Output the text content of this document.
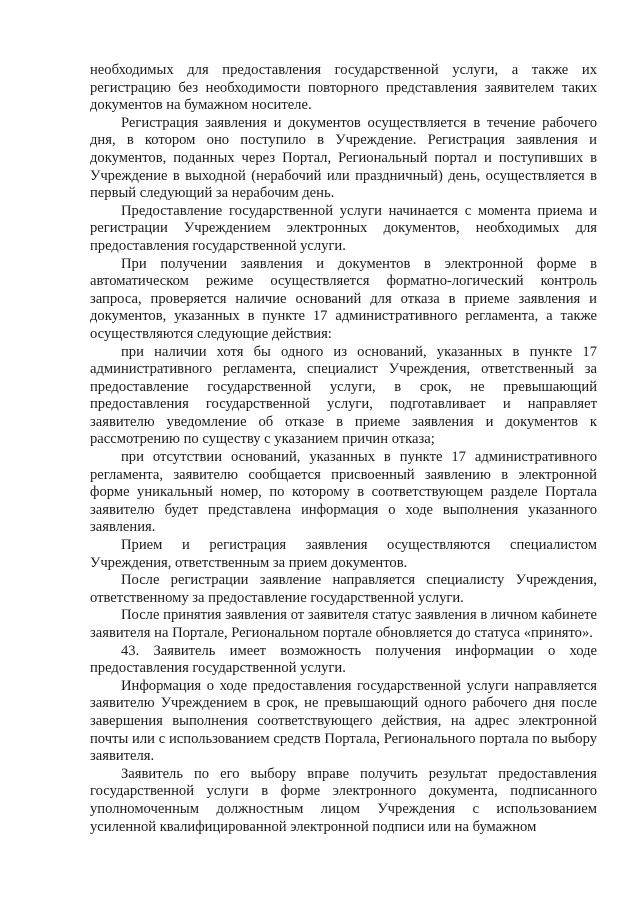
необходимых для предоставления государственной услуги, а также их регистрацию без необходимости повторного представления заявителем таких документов на бумажном носителе.

Регистрация заявления и документов осуществляется в течение рабочего дня, в котором оно поступило в Учреждение. Регистрация заявления и документов, поданных через Портал, Региональный портал и поступивших в Учреждение в выходной (нерабочий или праздничный) день, осуществляется в первый следующий за нерабочим день.

Предоставление государственной услуги начинается с момента приема и регистрации Учреждением электронных документов, необходимых для предоставления государственной услуги.

При получении заявления и документов в электронной форме в автоматическом режиме осуществляется форматно-логический контроль запроса, проверяется наличие оснований для отказа в приеме заявления и документов, указанных в пункте 17 административного регламента, а также осуществляются следующие действия:

при наличии хотя бы одного из оснований, указанных в пункте 17 административного регламента, специалист Учреждения, ответственный за предоставление государственной услуги, в срок, не превышающий предоставления государственной услуги, подготавливает и направляет заявителю уведомление об отказе в приеме заявления и документов к рассмотрению по существу с указанием причин отказа;

при отсутствии оснований, указанных в пункте 17 административного регламента, заявителю сообщается присвоенный заявлению в электронной форме уникальный номер, по которому в соответствующем разделе Портала заявителю будет представлена информация о ходе выполнения указанного заявления.

Прием и регистрация заявления осуществляются специалистом Учреждения, ответственным за прием документов.

После регистрации заявление направляется специалисту Учреждения, ответственному за предоставление государственной услуги.

После принятия заявления от заявителя статус заявления в личном кабинете заявителя на Портале, Региональном портале обновляется до статуса «принято».

43. Заявитель имеет возможность получения информации о ходе предоставления государственной услуги.

Информация о ходе предоставления государственной услуги направляется заявителю Учреждением в срок, не превышающий одного рабочего дня после завершения выполнения соответствующего действия, на адрес электронной почты или с использованием средств Портала, Регионального портала по выбору заявителя.

Заявитель по его выбору вправе получить результат предоставления государственной услуги в форме электронного документа, подписанного уполномоченным должностным лицом Учреждения с использованием усиленной квалифицированной электронной подписи или на бумажном
